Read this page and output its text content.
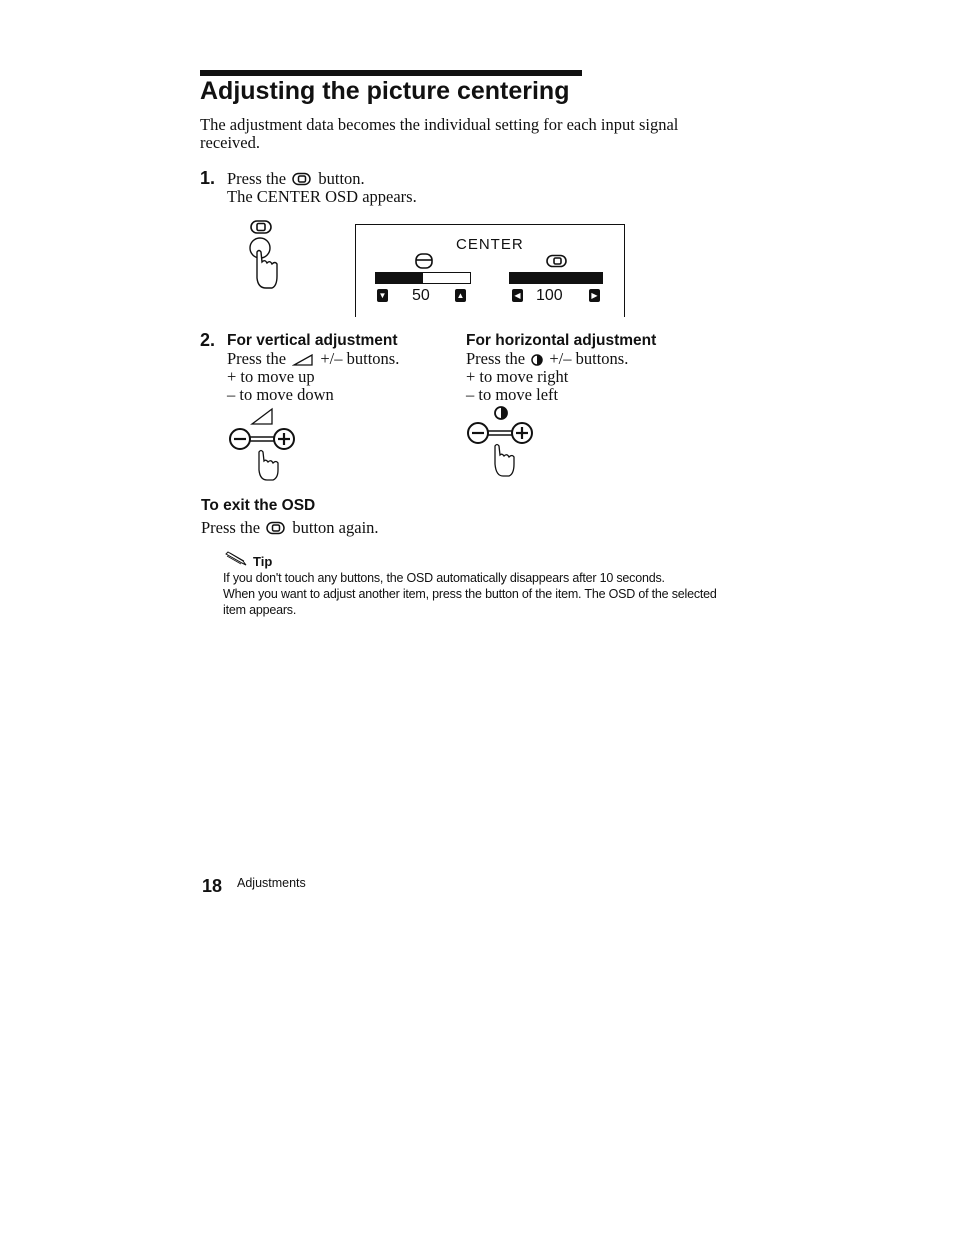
Adjusting the picture centering
The adjustment data becomes the individual setting for each input signal
received.
1. Press the button.
The CENTER OSD appears.
CENTER
▼ 50	▲	◀ 100	▶
2. For vertical adjustment
Press the +/– buttons.
+ to move up
– to move down
For horizontal adjustment
Press the +/– buttons.
+ to move right
– to move left
To exit the OSD
Press the button again.
Tip
If you don't touch any buttons, the OSD automatically disappears after 10 seconds.
When you want to adjust another item, press the button of the item. The OSD of the selected
item appears.
18 Adjustments
